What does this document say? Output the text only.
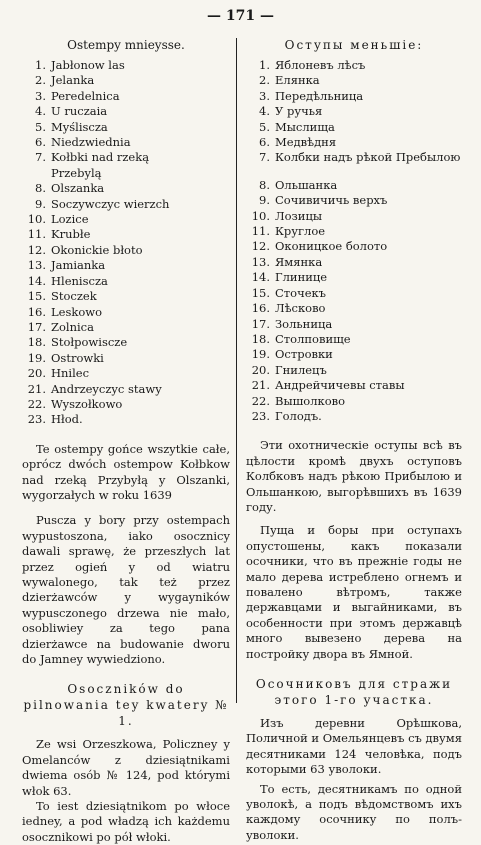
— 171 —
Ostempy mnieysse.
1. Jabłonow las
2. Jelanka
3. Peredelnica
4. U ruczaia
5. Myśliscza
6. Niedzwiednia
7. Kołbki nad rzeką
Przebylą
8. Olszanka
9. Soczywczyc wierzch
10. Lozice
11. Krubłe
12. Okonickie błoto
13. Jamianka
14. Hlenisсza
15. Stoczek
16. Leskowo
17. Zolnica
18. Stołpowiscze
19. Ostrowki
20. Hnilec
21. Andrzeyczyc stawy
22. Wyszołkowo
23. Hłod.

Te ostempy gońce wszytkie całe, oprócz dwóch ostempow Kołbkow nad rzeką Przybyłą y Olszanki, wygorzałych w roku 1639

Pusсza y bory przy ostempach wypustoszona, iako osocznicy dawali sprawę, że przeszłych lat przez ogień y od wiatru wywalonego, tak też przez dzierżawców y wygayników wypusczonego drzewa nie mało, osobliwiey za tego pana dzierżawce na budowanie dworu do Jamney wywiedziono.

Osoczników do pilnowania tey kwatery № 1.

Ze wsi Orzeszkowa, Policzney y Omelancόw z dziesiątnikami dwiema osób № 124, pod którymi włok 63.

To iest dziesiątnikom po włoce iedney, a pod władzą ich każdemu osocznikowi po pół włoki.

Оступы меньшiе:
1. Яблоневъ лѣсъ
2. Елянка
3. Передѣльница
4. У ручья
5. Мыслища
6. Медвѣдня
7. Колбки надъ рѣкой Пребылою
8. Ольшанка
9. Сочивичичь верхъ
10. Лозицы
11. Круглое
12. Оконицкое болото
13. Ямянка
14. Глиницe
15. Сточекъ
16. Лѣсково
17. Зольница
18. Столповище
19. Островки
20. Гнилецъ
21. Андрейчичевы ставы
22. Вышолково
23. Голодъ.

Эти охотническiе оступы всѣ въ цѣлости кромѣ двухъ оступовъ Колбковъ надъ рѣкою Прибылою и Ольшанкою, выгорѣвшихъ въ 1639 году.

Пуща и боры при оступахъ опустошены, какъ показали осочники, что въ прежнiе годы не мало дерева истреблено огнемъ и повалено вѣтромъ, также державцами и выгайниками, въ особенности при этомъ державцѣ много вывезено дерева на постройку двора въ Ямной.

Осочниковъ для стражи этого 1-го участка.

Изъ деревни Орѣшкова, Поличной и Омельянцевъ съ двумя десятниками 124 человѣка, подъ которыми 63 уволоки.

То есть, десятникамъ по одной уволокѣ, а подъ вѣдомствомъ ихъ каждому осочнику по полъ-уволоки.
